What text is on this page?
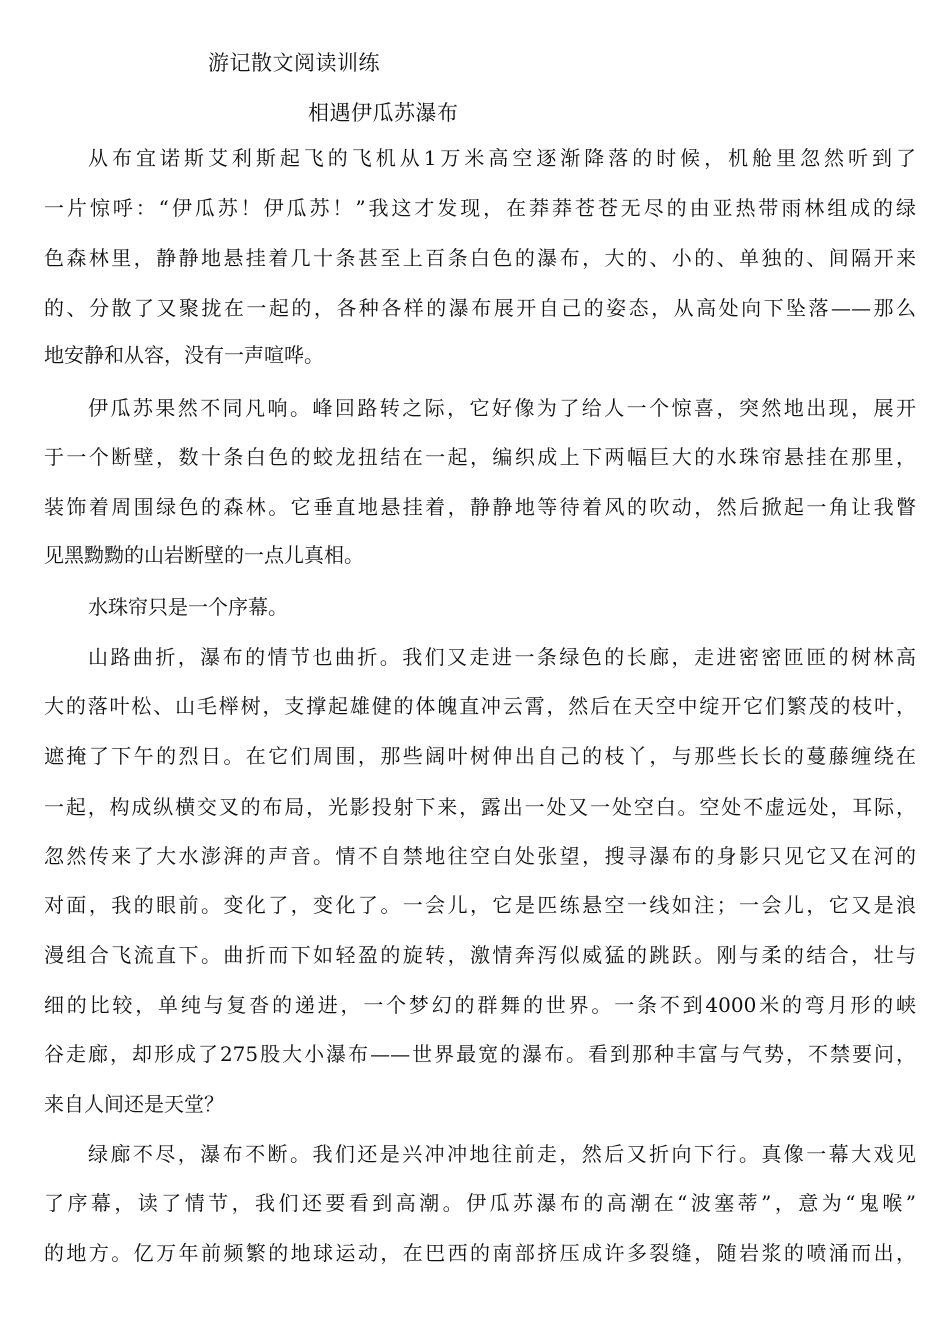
游记散文阅读训练
相遇伊瓜苏瀑布
从布宜诺斯艾利斯起飞的飞机从1万米高空逐渐降落的时候，机舱里忽然听到了
一片惊呼：“伊瓜苏！伊瓜苏！”我这才发现，在莽莽苍苍无尽的由亚热带雨林组成的绿
色森林里，静静地悬挂着几十条甚至上百条白色的瀑布，大的、小的、单独的、间隔开来
的、分散了又聚拢在一起的，各种各样的瀑布展开自己的姿态，从高处向下坠落——那么
地安静和从容，没有一声喧哗。
伊瓜苏果然不同凡响。峰回路转之际，它好像为了给人一个惊喜，突然地出现，展开
于一个断壁，数十条白色的蛟龙扭结在一起，编织成上下两幅巨大的水珠帘悬挂在那里，
装饰着周围绿色的森林。它垂直地悬挂着，静静地等待着风的吹动，然后掀起一角让我瞥
见黑黝黝的山岩断壁的一点儿真相。
水珠帘只是一个序幕。
山路曲折，瀑布的情节也曲折。我们又走进一条绿色的长廊，走进密密匝匝的树林高
大的落叶松、山毛榉树，支撑起雄健的体魄直冲云霄，然后在天空中绽开它们繁茂的枝叶，
遮掩了下午的烈日。在它们周围，那些阔叶树伸出自己的枝丫，与那些长长的蔓藤缠绕在
一起，构成纵横交叉的布局，光影投射下来，露出一处又一处空白。空处不虚远处，耳际，
忽然传来了大水澎湃的声音。情不自禁地往空白处张望，搜寻瀑布的身影只见它又在河的
对面，我的眼前。变化了，变化了。一会儿，它是匹练悬空一线如注；一会儿，它又是浪
漫组合飞流直下。曲折而下如轻盈的旋转，激情奔泻似威猛的跳跃。刚与柔的结合，壮与
细的比较，单纯与复沓的递进，一个梦幻的群舞的世界。一条不到4000米的弯月形的峡
谷走廊，却形成了275股大小瀑布——世界最宽的瀑布。看到那种丰富与气势，不禁要问，
来自人间还是天堂？
绿廊不尽，瀑布不断。我们还是兴冲冲地往前走，然后又折向下行。真像一幕大戏见
了序幕，读了情节，我们还要看到高潮。伊瓜苏瀑布的高潮在“波塞蒂”，意为“鬼喉”
的地方。亿万年前频繁的地球运动，在巴西的南部挤压成许多裂缝，随岩浆的喷涌而出，
